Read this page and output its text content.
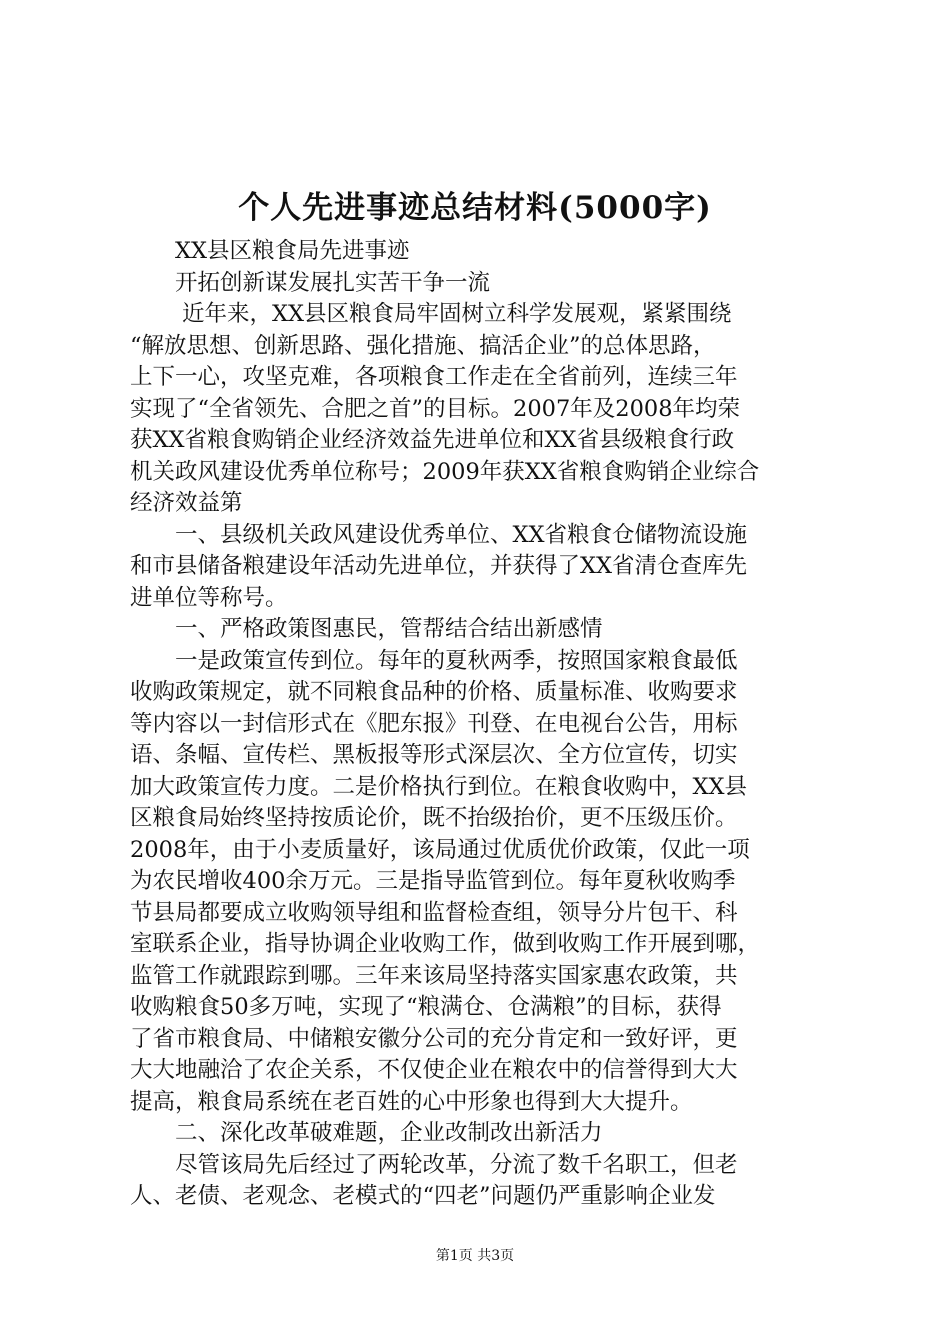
个人先进事迹总结材料(5000字)

XX县区粮食局先进事迹

开拓创新谋发展扎实苦干争一流

近年来，XX县区粮食局牢固树立科学发展观，紧紧围绕

“解放思想、创新思路、强化措施、搞活企业”的总体思路，

上下一心，攻坚克难，各项粮食工作走在全省前列，连续三年

实现了“全省领先、合肥之首”的目标。2007年及2008年均荣

获XX省粮食购销企业经济效益先进单位和XX省县级粮食行政

机关政风建设优秀单位称号；2009年获XX省粮食购销企业综合

经济效益第

一、县级机关政风建设优秀单位、XX省粮食仓储物流设施

和市县储备粮建设年活动先进单位，并获得了XX省清仓查库先

进单位等称号。

一、严格政策图惠民，管帮结合结出新感情

一是政策宣传到位。每年的夏秋两季，按照国家粮食最低

收购政策规定，就不同粮食品种的价格、质量标准、收购要求

等内容以一封信形式在《肥东报》刊登、在电视台公告，用标

语、条幅、宣传栏、黑板报等形式深层次、全方位宣传，切实

加大政策宣传力度。二是价格执行到位。在粮食收购中，XX县

区粮食局始终坚持按质论价，既不抬级抬价，更不压级压价。

2008年，由于小麦质量好，该局通过优质优价政策，仅此一项

为农民增收400余万元。三是指导监管到位。每年夏秋收购季

节县局都要成立收购领导组和监督检查组，领导分片包干、科

室联系企业，指导协调企业收购工作，做到收购工作开展到哪，

监管工作就跟踪到哪。三年来该局坚持落实国家惠农政策，共

收购粮食50多万吨，实现了“粮满仓、仓满粮”的目标，获得

了省市粮食局、中储粮安徽分公司的充分肯定和一致好评，更

大大地融洽了农企关系，不仅使企业在粮农中的信誉得到大大

提高，粮食局系统在老百姓的心中形象也得到大大提升。

二、深化改革破难题，企业改制改出新活力

尽管该局先后经过了两轮改革，分流了数千名职工，但老

人、老债、老观念、老模式的“四老”问题仍严重影响企业发

第1页 共3页
